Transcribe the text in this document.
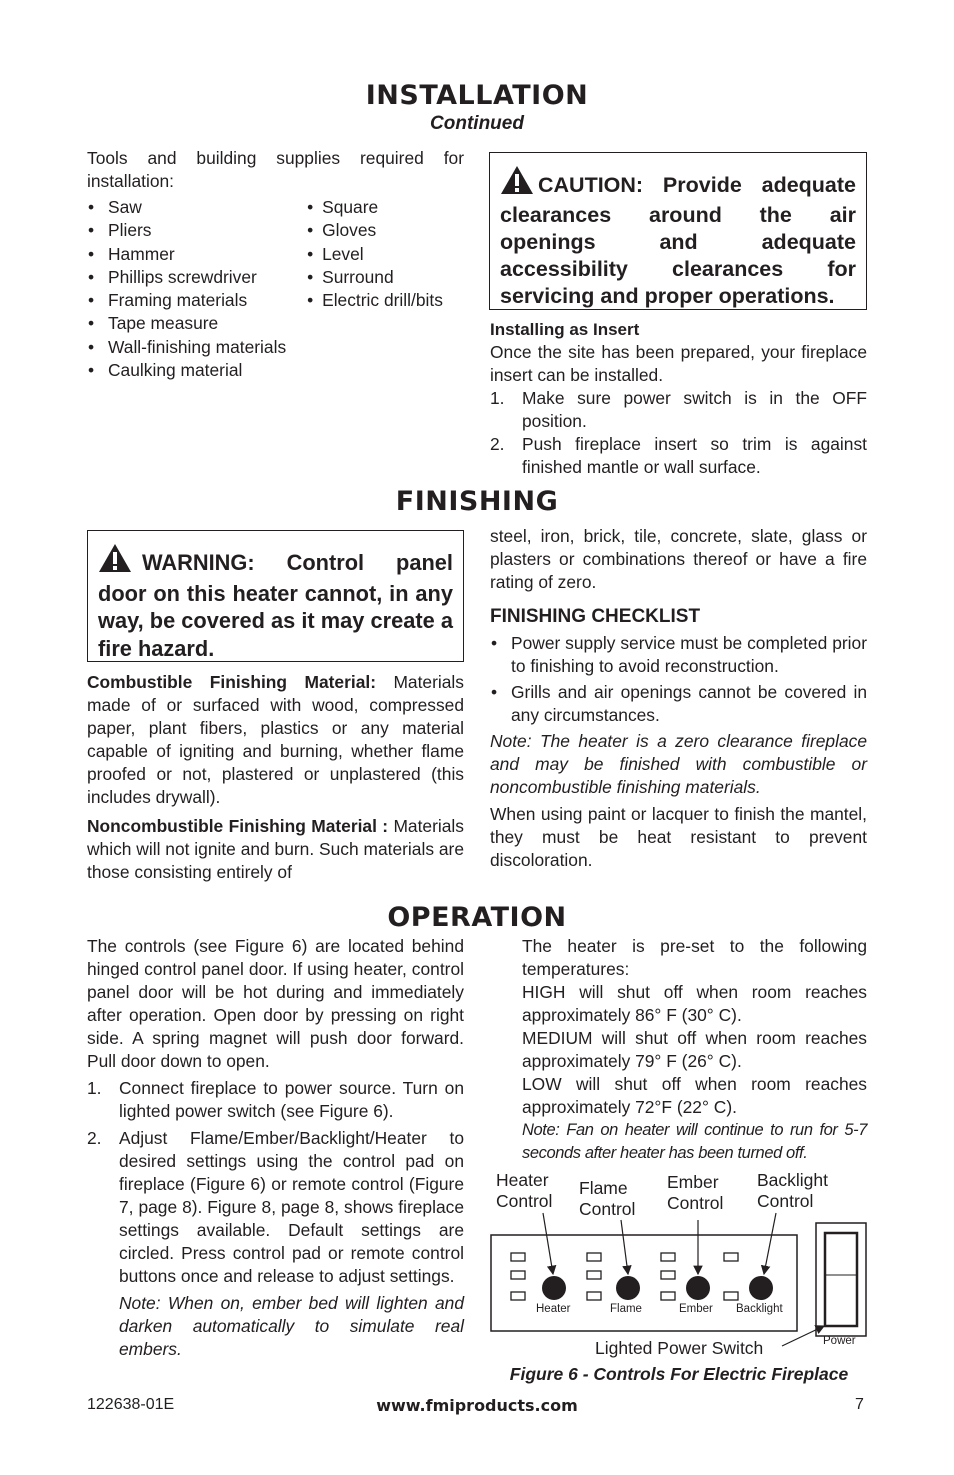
INSTALLATION
Continued

Tools and building supplies required for installation:

• Saw
• Pliers
• Hammer
• Phillips screwdriver
• Framing materials
• Tape measure
• Wall-finishing materials
• Caulking material
• Square
• Gloves
• Level
• Surround
• Electric drill/bits

CAUTION: Provide adequate clearances around the air openings and adequate accessibility clearances for servicing and proper operations.

Installing as Insert

Once the site has been prepared, your fireplace insert can be installed.

1. Make sure power switch is in the OFF position.
2. Push fireplace insert so trim is against finished mantle or wall surface.
FINISHING

WARNING: Control panel door on this heater cannot, in any way, be covered as it may create a fire hazard.

Combustible Finishing Material: Materials made of or surfaced with wood, compressed paper, plant fibers, plastics or any material capable of igniting and burning, whether flame proofed or not, plastered or unplastered (this includes drywall).

Noncombustible Finishing Material : Materials which will not ignite and burn. Such materials are those consisting entirely of

steel, iron, brick, tile, concrete, slate, glass or plasters or combinations thereof or have a fire rating of zero.

FINISHING CHECKLIST

• Power supply service must be completed prior to finishing to avoid reconstruction.
• Grills and air openings cannot be covered in any circumstances.

Note: The heater is a zero clearance fireplace and may be finished with combustible or noncombustible finishing materials.

When using paint or lacquer to finish the mantel, they must be heat resistant to prevent discoloration.

OPERATION

The controls (see Figure 6) are located behind hinged control panel door. If using heater, control panel door will be hot during and immediately after operation. Open door by pressing on right side. A spring magnet will push door forward. Pull door down to open.

1. Connect fireplace to power source. Turn on lighted power switch (see Figure 6).
2. Adjust Flame/Ember/Backlight/Heater to desired settings using the control pad on fireplace (Figure 6) or remote control (Figure 7, page 8). Figure 8, page 8, shows fireplace settings available. Default settings are circled. Press control pad or remote control buttons once and release to adjust settings.

Note: When on, ember bed will lighten and darken automatically to simulate real embers.

The heater is pre-set to the following temperatures:

HIGH will shut off when room reaches approximately 86° F (30° C).

MEDIUM will shut off when room reaches approximately 79° F (26° C).

LOW will shut off when room reaches approximately 72°F (22° C).

Note: Fan on heater will continue to run for 5-7 seconds after heater has been turned off.

Heater Control
Flame Control
Ember Control
Backlight Control
Heater	Flame	Ember Backlight
Power
Lighted Power Switch
Figure 6 - Controls For Electric Fireplace
122638-01E	www.fmiproducts.com	7
